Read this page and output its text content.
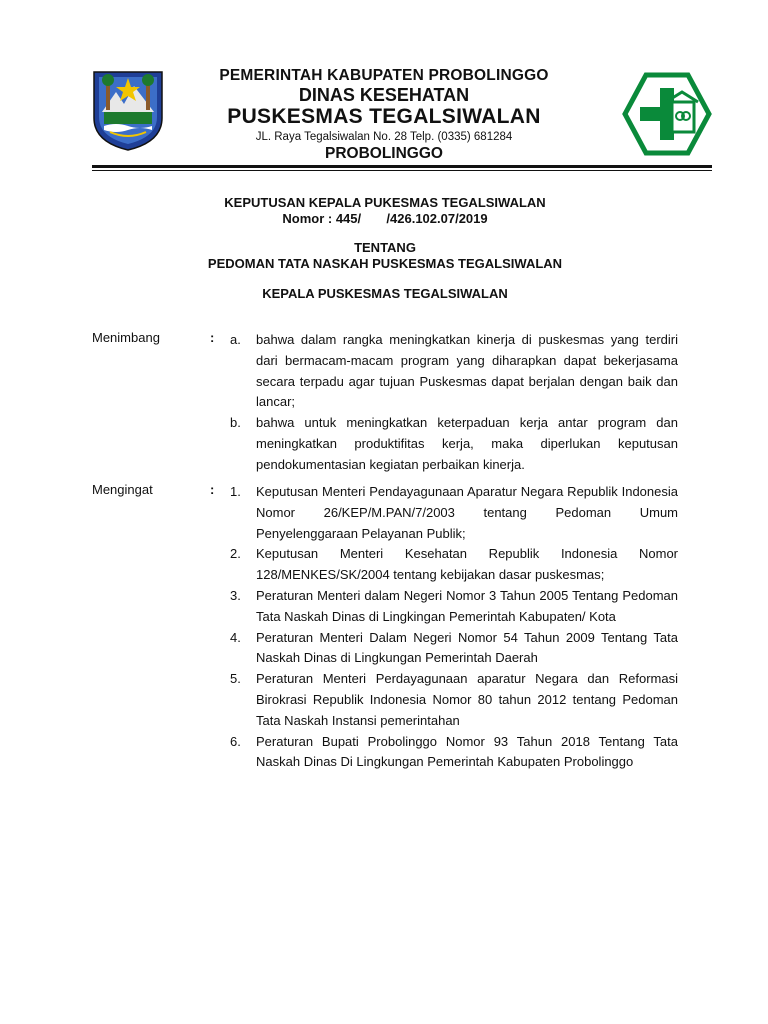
PEMERINTAH KABUPATEN PROBOLINGGO
DINAS KESEHATAN
PUSKESMAS TEGALSIWALAN
JL. Raya Tegalsiwalan No. 28 Telp. (0335) 681284
PROBOLINGGO
KEPUTUSAN KEPALA PUKESMAS TEGALSIWALAN
Nomor : 445/       /426.102.07/2019
TENTANG
PEDOMAN TATA NASKAH PUSKESMAS TEGALSIWALAN
KEPALA PUSKESMAS TEGALSIWALAN
Menimbang	: a.	bahwa dalam rangka meningkatkan kinerja di puskesmas yang terdiri dari bermacam-macam program yang diharapkan dapat bekerjasama secara terpadu agar tujuan Puskesmas dapat berjalan dengan baik dan lancar;
b.	bahwa untuk meningkatkan keterpaduan kerja antar program dan meningkatkan produktifitas kerja, maka diperlukan keputusan pendokumentasian kegiatan perbaikan kinerja.
Mengingat	: 1.	Keputusan Menteri Pendayagunaan Aparatur Negara Republik Indonesia Nomor 26/KEP/M.PAN/7/2003 tentang Pedoman Umum Penyelenggaraan Pelayanan Publik;
2.	Keputusan Menteri Kesehatan Republik Indonesia Nomor 128/MENKES/SK/2004 tentang kebijakan dasar puskesmas;
3.	Peraturan Menteri dalam Negeri Nomor 3 Tahun 2005 Tentang Pedoman Tata Naskah Dinas di Lingkingan Pemerintah Kabupaten/ Kota
4.	Peraturan Menteri Dalam Negeri Nomor 54 Tahun 2009 Tentang Tata Naskah Dinas di Lingkungan Pemerintah Daerah
5.	Peraturan Menteri Perdayagunaan aparatur Negara dan Reformasi Birokrasi Republik Indonesia Nomor 80 tahun 2012 tentang Pedoman Tata Naskah Instansi pemerintahan
6.	Peraturan Bupati Probolinggo Nomor 93 Tahun 2018 Tentang Tata Naskah Dinas Di Lingkungan Pemerintah Kabupaten Probolinggo
